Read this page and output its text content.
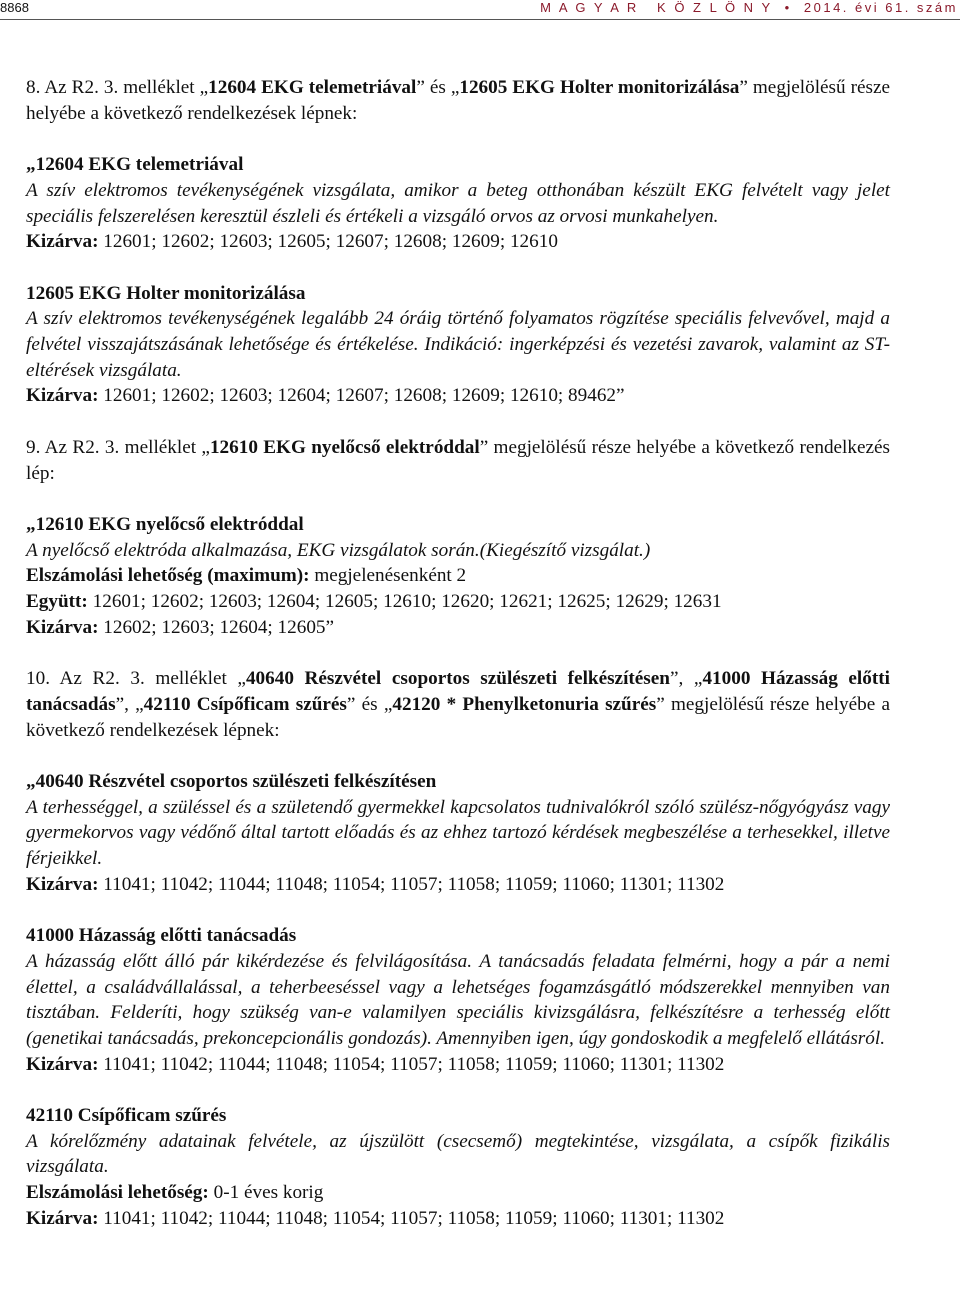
8868	M A G Y A R   K Ö Z L Ö N Y  •  2014. évi 61. szám

8. Az R2. 3. melléklet „12604 EKG telemetriával” és „12605 EKG Holter monitorizálása” megjelölésű része helyébe a következő rendelkezések lépnek:

„12604 EKG telemetriával

A szív elektromos tevékenységének vizsgálata, amikor a beteg otthonában készült EKG felvételt vagy jelet speciális felszerelésen keresztül észleli és értékeli a vizsgáló orvos az orvosi munkahelyen.

Kizárva: 12601; 12602; 12603; 12605; 12607; 12608; 12609; 12610

12605 EKG Holter monitorizálása

A szív elektromos tevékenységének legalább 24 óráig történő folyamatos rögzítése speciális felvevővel, majd a felvétel visszajátszásának lehetősége és értékelése. Indikáció: ingerképzési és vezetési zavarok, valamint az ST-eltérések vizsgálata.

Kizárva: 12601; 12602; 12603; 12604; 12607; 12608; 12609; 12610; 89462”

9. Az R2. 3. melléklet „12610 EKG nyelőcső elektróddal” megjelölésű része helyébe a következő rendelkezés lép:

„12610 EKG nyelőcső elektróddal

A nyelőcső elektróda alkalmazása, EKG vizsgálatok során.(Kiegészítő vizsgálat.)

Elszámolási lehetőség (maximum): megjelenésenként 2

Együtt: 12601; 12602; 12603; 12604; 12605; 12610; 12620; 12621; 12625; 12629; 12631

Kizárva: 12602; 12603; 12604; 12605”

10. Az R2. 3. melléklet „40640 Részvétel csoportos szülészeti felkészítésen”, „41000 Házasság előtti tanácsadás”, „42110 Csípőficam szűrés” és „42120 * Phenylketonuria szűrés” megjelölésű része helyébe a következő rendelkezések lépnek:

„40640 Részvétel csoportos szülészeti felkészítésen

A terhességgel, a szüléssel és a születendő gyermekkel kapcsolatos tudnivalókról szóló szülész-nőgyógyász vagy gyermekorvos vagy védőnő által tartott előadás és az ehhez tartozó kérdések megbeszélése a terhesekkel, illetve férjeikkel.

Kizárva: 11041; 11042; 11044; 11048; 11054; 11057; 11058; 11059; 11060; 11301; 11302

41000 Házasság előtti tanácsadás

A házasság előtt álló pár kikérdezése és felvilágosítása. A tanácsadás feladata felmérni, hogy a pár a nemi élettel, a családvállalással, a teherbeeséssel vagy a lehetséges fogamzásgátló módszerekkel mennyiben van tisztában. Felderíti, hogy szükség van-e valamilyen speciális kivizsgálásra, felkészítésre a terhesség előtt (genetikai tanácsadás, prekoncepcionális gondozás). Amennyiben igen, úgy gondoskodik a megfelelő ellátásról.

Kizárva: 11041; 11042; 11044; 11048; 11054; 11057; 11058; 11059; 11060; 11301; 11302

42110 Csípőficam szűrés

A kórelőzmény adatainak felvétele, az újszülött (csecsemő) megtekintése, vizsgálata, a csípők fizikális vizsgálata.

Elszámolási lehetőség: 0-1 éves korig

Kizárva: 11041; 11042; 11044; 11048; 11054; 11057; 11058; 11059; 11060; 11301; 11302
